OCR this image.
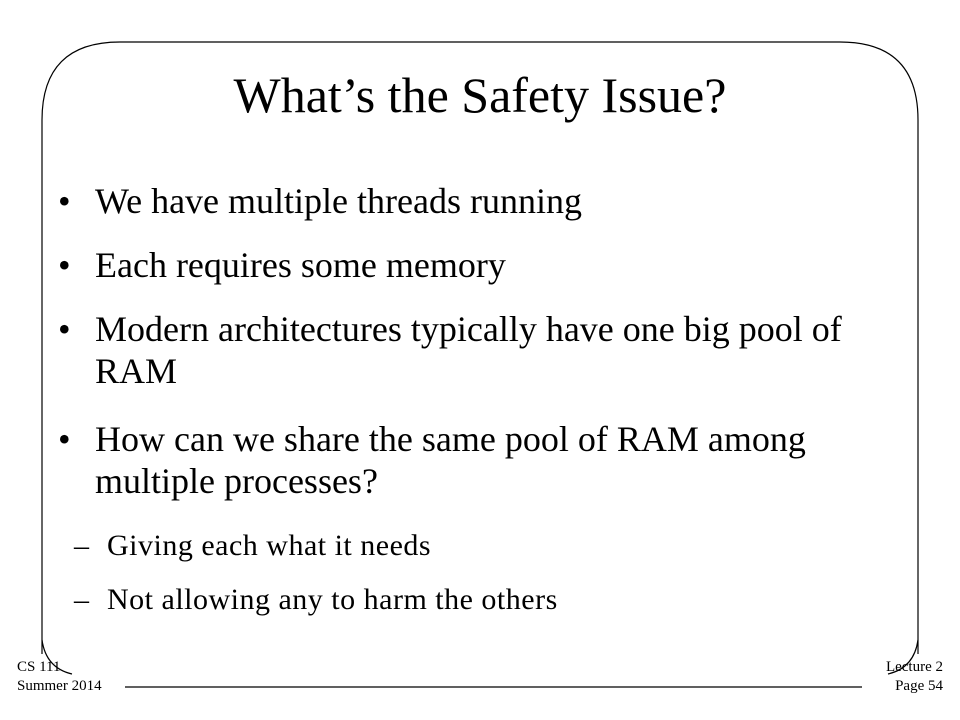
What’s the Safety Issue?
• We have multiple threads running
• Each requires some memory
• Modern architectures typically have one big pool of RAM
• How can we share the same pool of RAM among multiple processes?
– Giving each what it needs
– Not allowing any to harm the others
CS 111
Summer 2014
Lecture 2
Page 54
